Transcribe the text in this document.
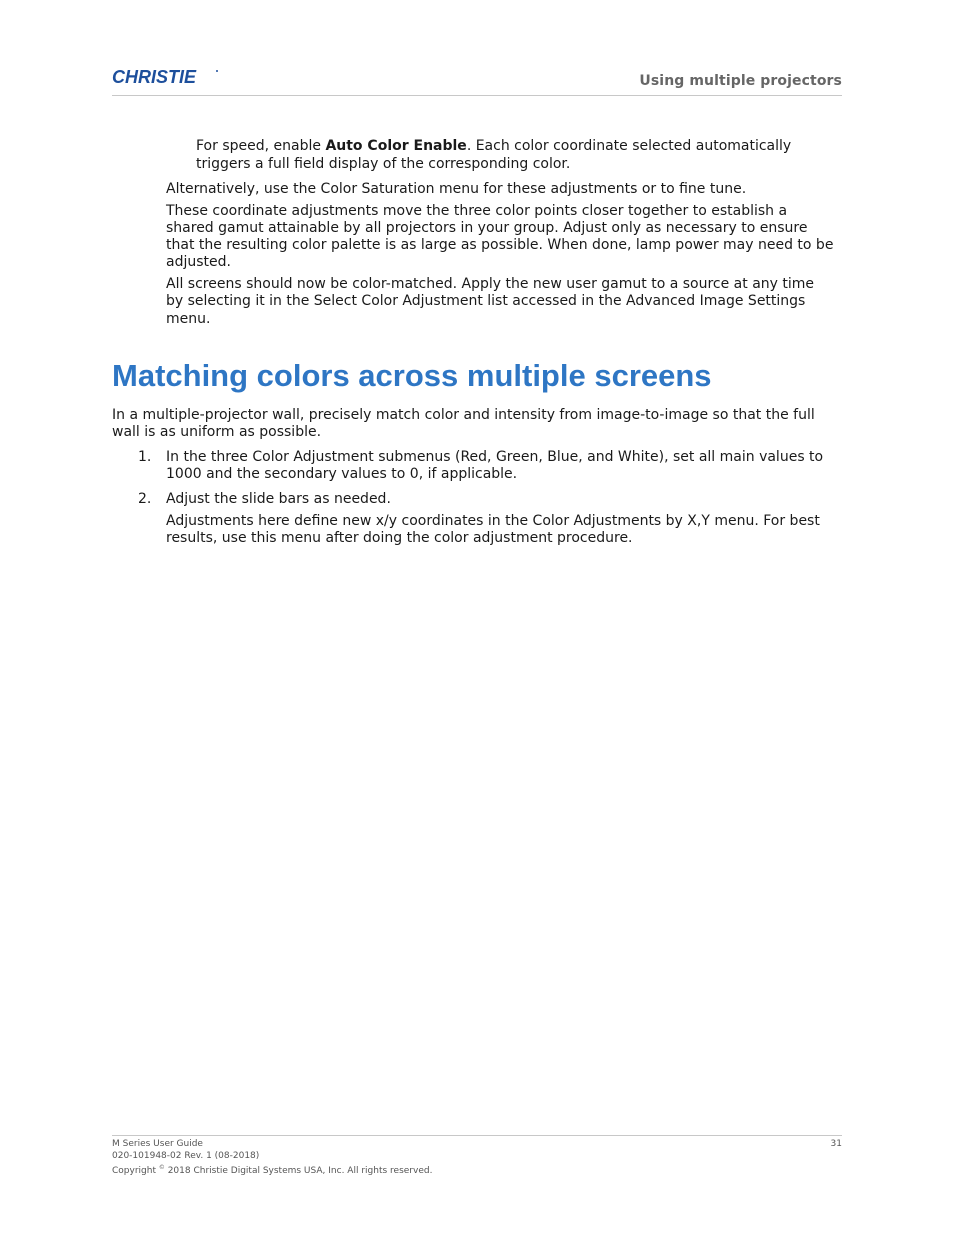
CHRISTIE	Using multiple projectors

For speed, enable Auto Color Enable. Each color coordinate selected automatically

triggers a full field display of the corresponding color.

Alternatively, use the Color Saturation menu for these adjustments or to fine tune.

These coordinate adjustments move the three color points closer together to establish a

shared gamut attainable by all projectors in your group. Adjust only as necessary to ensure

that the resulting color palette is as large as possible. When done, lamp power may need to be

adjusted.

All screens should now be color-matched. Apply the new user gamut to a source at any time

by selecting it in the Select Color Adjustment list accessed in the Advanced Image Settings

menu.

Matching colors across multiple screens

In a multiple-projector wall, precisely match color and intensity from image-to-image so that the full

wall is as uniform as possible.

1. In the three Color Adjustment submenus (Red, Green, Blue, and White), set all main values to

1000 and the secondary values to 0, if applicable.

2. Adjust the slide bars as needed.

Adjustments here define new x/y coordinates in the Color Adjustments by X,Y menu. For best

results, use this menu after doing the color adjustment procedure.

M Series User Guide
020-101948-02 Rev. 1 (08-2018)
Copyright © 2018 Christie Digital Systems USA, Inc. All rights reserved.
31
